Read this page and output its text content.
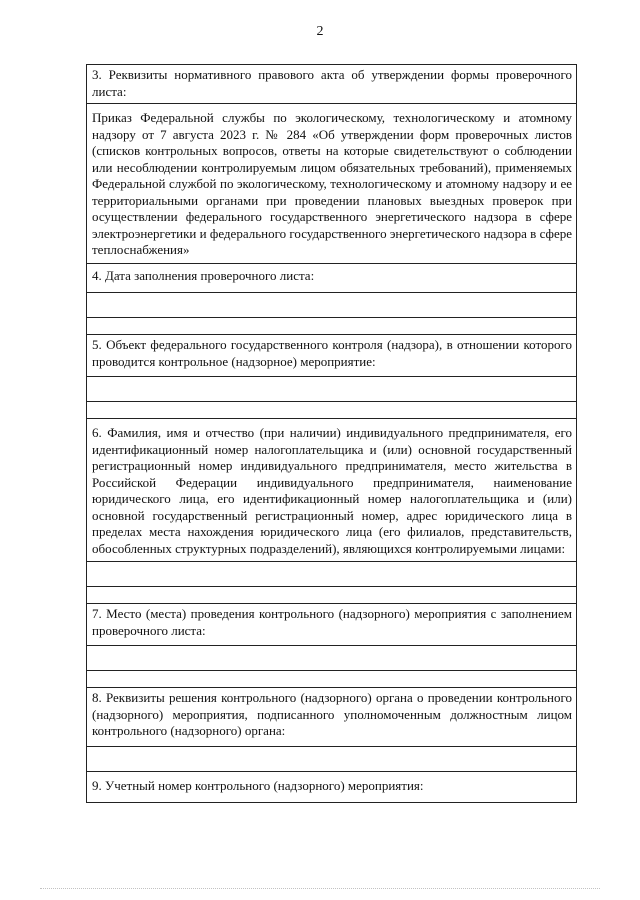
2
3. Реквизиты нормативного правового акта об утверждении формы проверочного листа:
Приказ Федеральной службы по экологическому, технологическому и атомному надзору от 7 августа 2023 г. № 284 «Об утверждении форм проверочных листов (списков контрольных вопросов, ответы на которые свидетельствуют о соблюдении или несоблюдении контролируемым лицом обязательных требований), применяемых Федеральной службой по экологическому, технологическому и атомному надзору и ее территориальными органами при проведении плановых выездных проверок при осуществлении федерального государственного энергетического надзора в сфере электроэнергетики и федерального государственного энергетического надзора в сфере теплоснабжения»
4. Дата заполнения проверочного листа:

5. Объект федерального государственного контроля (надзора), в отношении которого проводится контрольное (надзорное) мероприятие:

6. Фамилия, имя и отчество (при наличии) индивидуального предпринимателя, его идентификационный номер налогоплательщика и (или) основной государственный регистрационный номер индивидуального предпринимателя, место жительства в Российской Федерации индивидуального предпринимателя, наименование юридического лица, его идентификационный номер налогоплательщика и (или) основной государственный регистрационный номер, адрес юридического лица в пределах места нахождения юридического лица (его филиалов, представительств, обособленных структурных подразделений), являющихся контролируемыми лицами:

7. Место (места) проведения контрольного (надзорного) мероприятия с заполнением проверочного листа:

8. Реквизиты решения контрольного (надзорного) органа о проведении контрольного (надзорного) мероприятия, подписанного уполномоченным должностным лицом контрольного (надзорного) органа:

9. Учетный номер контрольного (надзорного) мероприятия:
